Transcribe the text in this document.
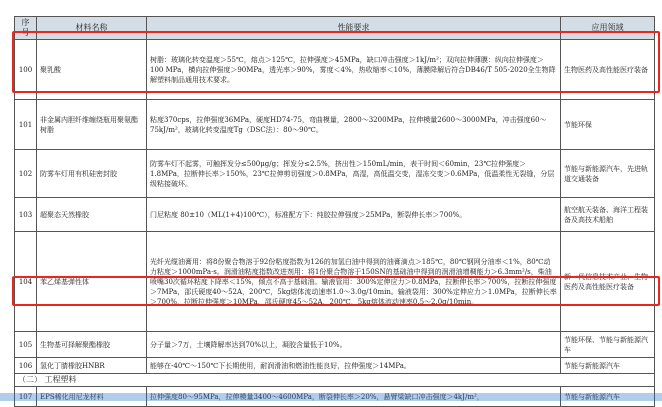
序号	材料名称	性能要求	应用领域
100	聚乳酸	树脂：玻璃化转变温度＞55℃，熔点＞125℃，拉伸强度＞45MPa，缺口冲击强度＞1kJ/m²；双向拉伸薄膜：纵向拉伸强度＞100 MPa，横向拉伸强度＞90MPa，透光率＞90%，雾度＜4%，热收缩率＜10%，薄膜降解后符合DB46/T 505-2020全生物降解塑料制品通用技术要求。	生物医药及高性能医疗装备
101	非金属内胆纤维缠绕瓶用聚氨酯树脂	粘度370cps，拉伸强度36MPa，硬度HD74-75，弯曲模量，2800～3200MPa，拉伸模量2600～3000MPa，冲击强度60～75kJ/m²，玻璃化转变温度Tg（DSC法）：80～90℃。	节能环保
102	防雾车灯用有机硅密封胶	防雾车灯不起雾，可触挥发分≤500μg/g；挥发分≤2.5%，挤出性＞150mL/min，表干时间＜60min，23℃拉伸强度＞1.8MPa，拉断伸长率＞150%，23℃拉伸剪切强度＞0.8MPa，高湿，高低温交变，湿冻交变＞0.6MPa，低温柔性无裂缝，分层级粘接破坏。	节能与新能源汽车，先进轨道交通装备
103	超聚态天然橡胶	门尼粘度 80±10（ML(1+4)100℃），标准配方下：纯胶拉伸强度＞25MPa，断裂伸长率＞700%。	航空航天装备、海洋工程装备及高技术船舶
104	苯乙烯基弹性体	光纤光缆油膏用：将8份聚合物溶于92份粘度指数为126的加氢白油中得到的油膏滴点＞185℃，80℃钢网分油率＜1%，80℃动力粘度＞1000mPa·s。润滑油粘度指数改进剂用：将1份聚合物溶于150SN的基础油中得到的润滑油增稠能力＞6.3mm²/s，柴油喷嘴30次循环粘度下降率＜15%，倾点不高于基础油。输液管用：300%定伸应力＞0.8MPa，拉断伸长率＞700%，拉断拉伸强度＞7MPa，邵氏硬度40～52A，200℃，5kg熔体流动速率1.0～3.0g/10min。输液袋用：300%定伸应力＞1.0MPa，拉断伸长率＞700%，拉断拉伸强度＞10MPa，邵氏硬度45～52A，200℃，5kg熔体流动速率0.5～2.0g/10min。	新一代信息技术产业、生物医药及高性能医疗装备
105	生物基可择解聚酯橡胶	分子量＞7万，土壤降解率达到70%以上，凝胶含量低于10%。	节能环保、节能与新能源汽车
106	氢化丁腈橡胶HNBR	能够在-40℃～150℃下长期使用，耐润滑油和燃油性能良好，拉伸强度＞14MPa。	节能与新能源汽车
（二） 工程塑料			
107	EPS稀化用尼龙材料	拉伸强度80～95MPa，拉伸模量3400～4600MPa，断裂伸长率＞20%，悬臂梁缺口冲击强度＞4kJ/m²，	节能与新能源汽车
